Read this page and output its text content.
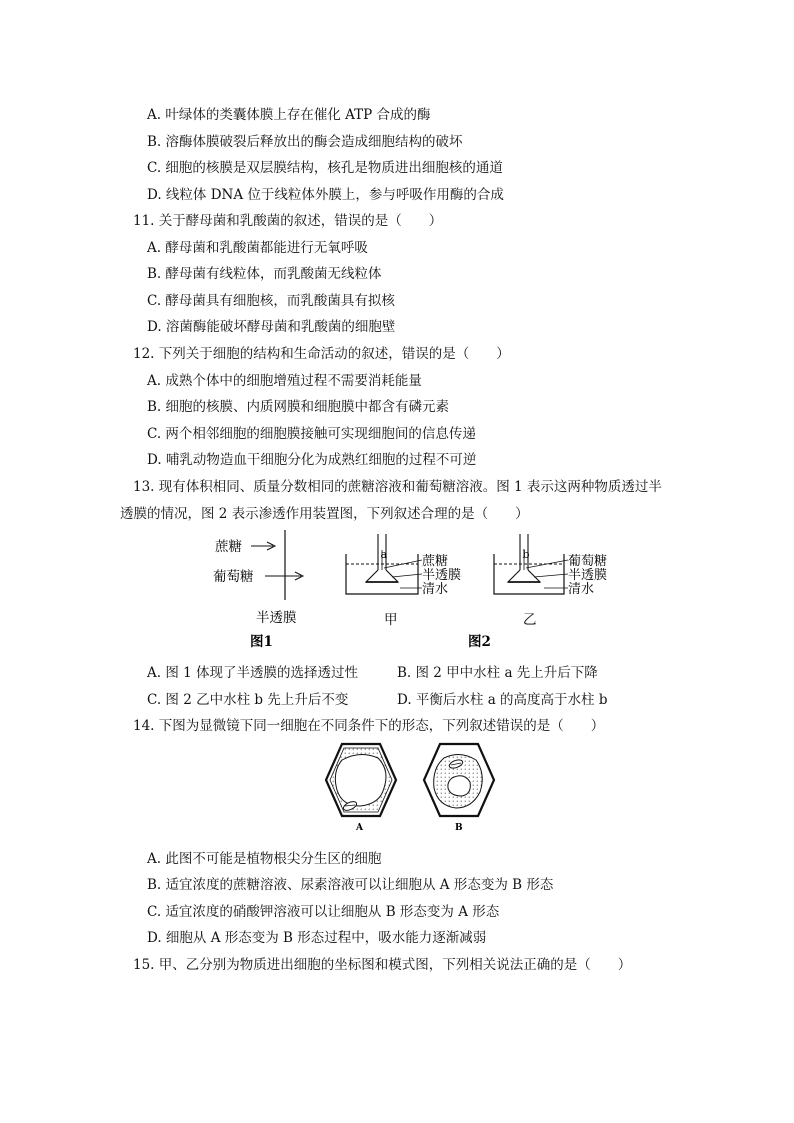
A. 叶绿体的类囊体膜上存在催化 ATP 合成的酶
B. 溶酶体膜破裂后释放出的酶会造成细胞结构的破坏
C. 细胞的核膜是双层膜结构，核孔是物质进出细胞核的通道
D. 线粒体 DNA 位于线粒体外膜上，参与呼吸作用酶的合成
11. 关于酵母菌和乳酸菌的叙述，错误的是（　　）
A. 酵母菌和乳酸菌都能进行无氧呼吸
B. 酵母菌有线粒体，而乳酸菌无线粒体
C. 酵母菌具有细胞核，而乳酸菌具有拟核
D. 溶菌酶能破坏酵母菌和乳酸菌的细胞壁
12. 下列关于细胞的结构和生命活动的叙述，错误的是（　　）
A. 成熟个体中的细胞增殖过程不需要消耗能量
B. 细胞的核膜、内质网膜和细胞膜中都含有磷元素
C. 两个相邻细胞的细胞膜接触可实现细胞间的信息传递
D. 哺乳动物造血干细胞分化为成熟红细胞的过程不可逆
13. 现有体积相同、质量分数相同的蔗糖溶液和葡萄糖溶液。图 1 表示这两种物质透过半
透膜的情况，图 2 表示渗透作用装置图，下列叙述合理的是（　　）
蔗糖
葡萄糖
半透膜
图1
a	蔗糖
半透膜
清水
甲
b	葡萄糖
半透膜
清水
乙
图2
A. 图 1 体现了半透膜的选择透过性	B. 图 2 甲中水柱 a 先上升后下降
C. 图 2 乙中水柱 b 先上升后不变	D. 平衡后水柱 a 的高度高于水柱 b
14. 下图为显微镜下同一细胞在不同条件下的形态，下列叙述错误的是（　　）
A	B
A. 此图不可能是植物根尖分生区的细胞
B. 适宜浓度的蔗糖溶液、尿素溶液可以让细胞从 A 形态变为 B 形态
C. 适宜浓度的硝酸钾溶液可以让细胞从 B 形态变为 A 形态
D. 细胞从 A 形态变为 B 形态过程中，吸水能力逐渐减弱
15. 甲、乙分别为物质进出细胞的坐标图和模式图，下列相关说法正确的是（　　）
